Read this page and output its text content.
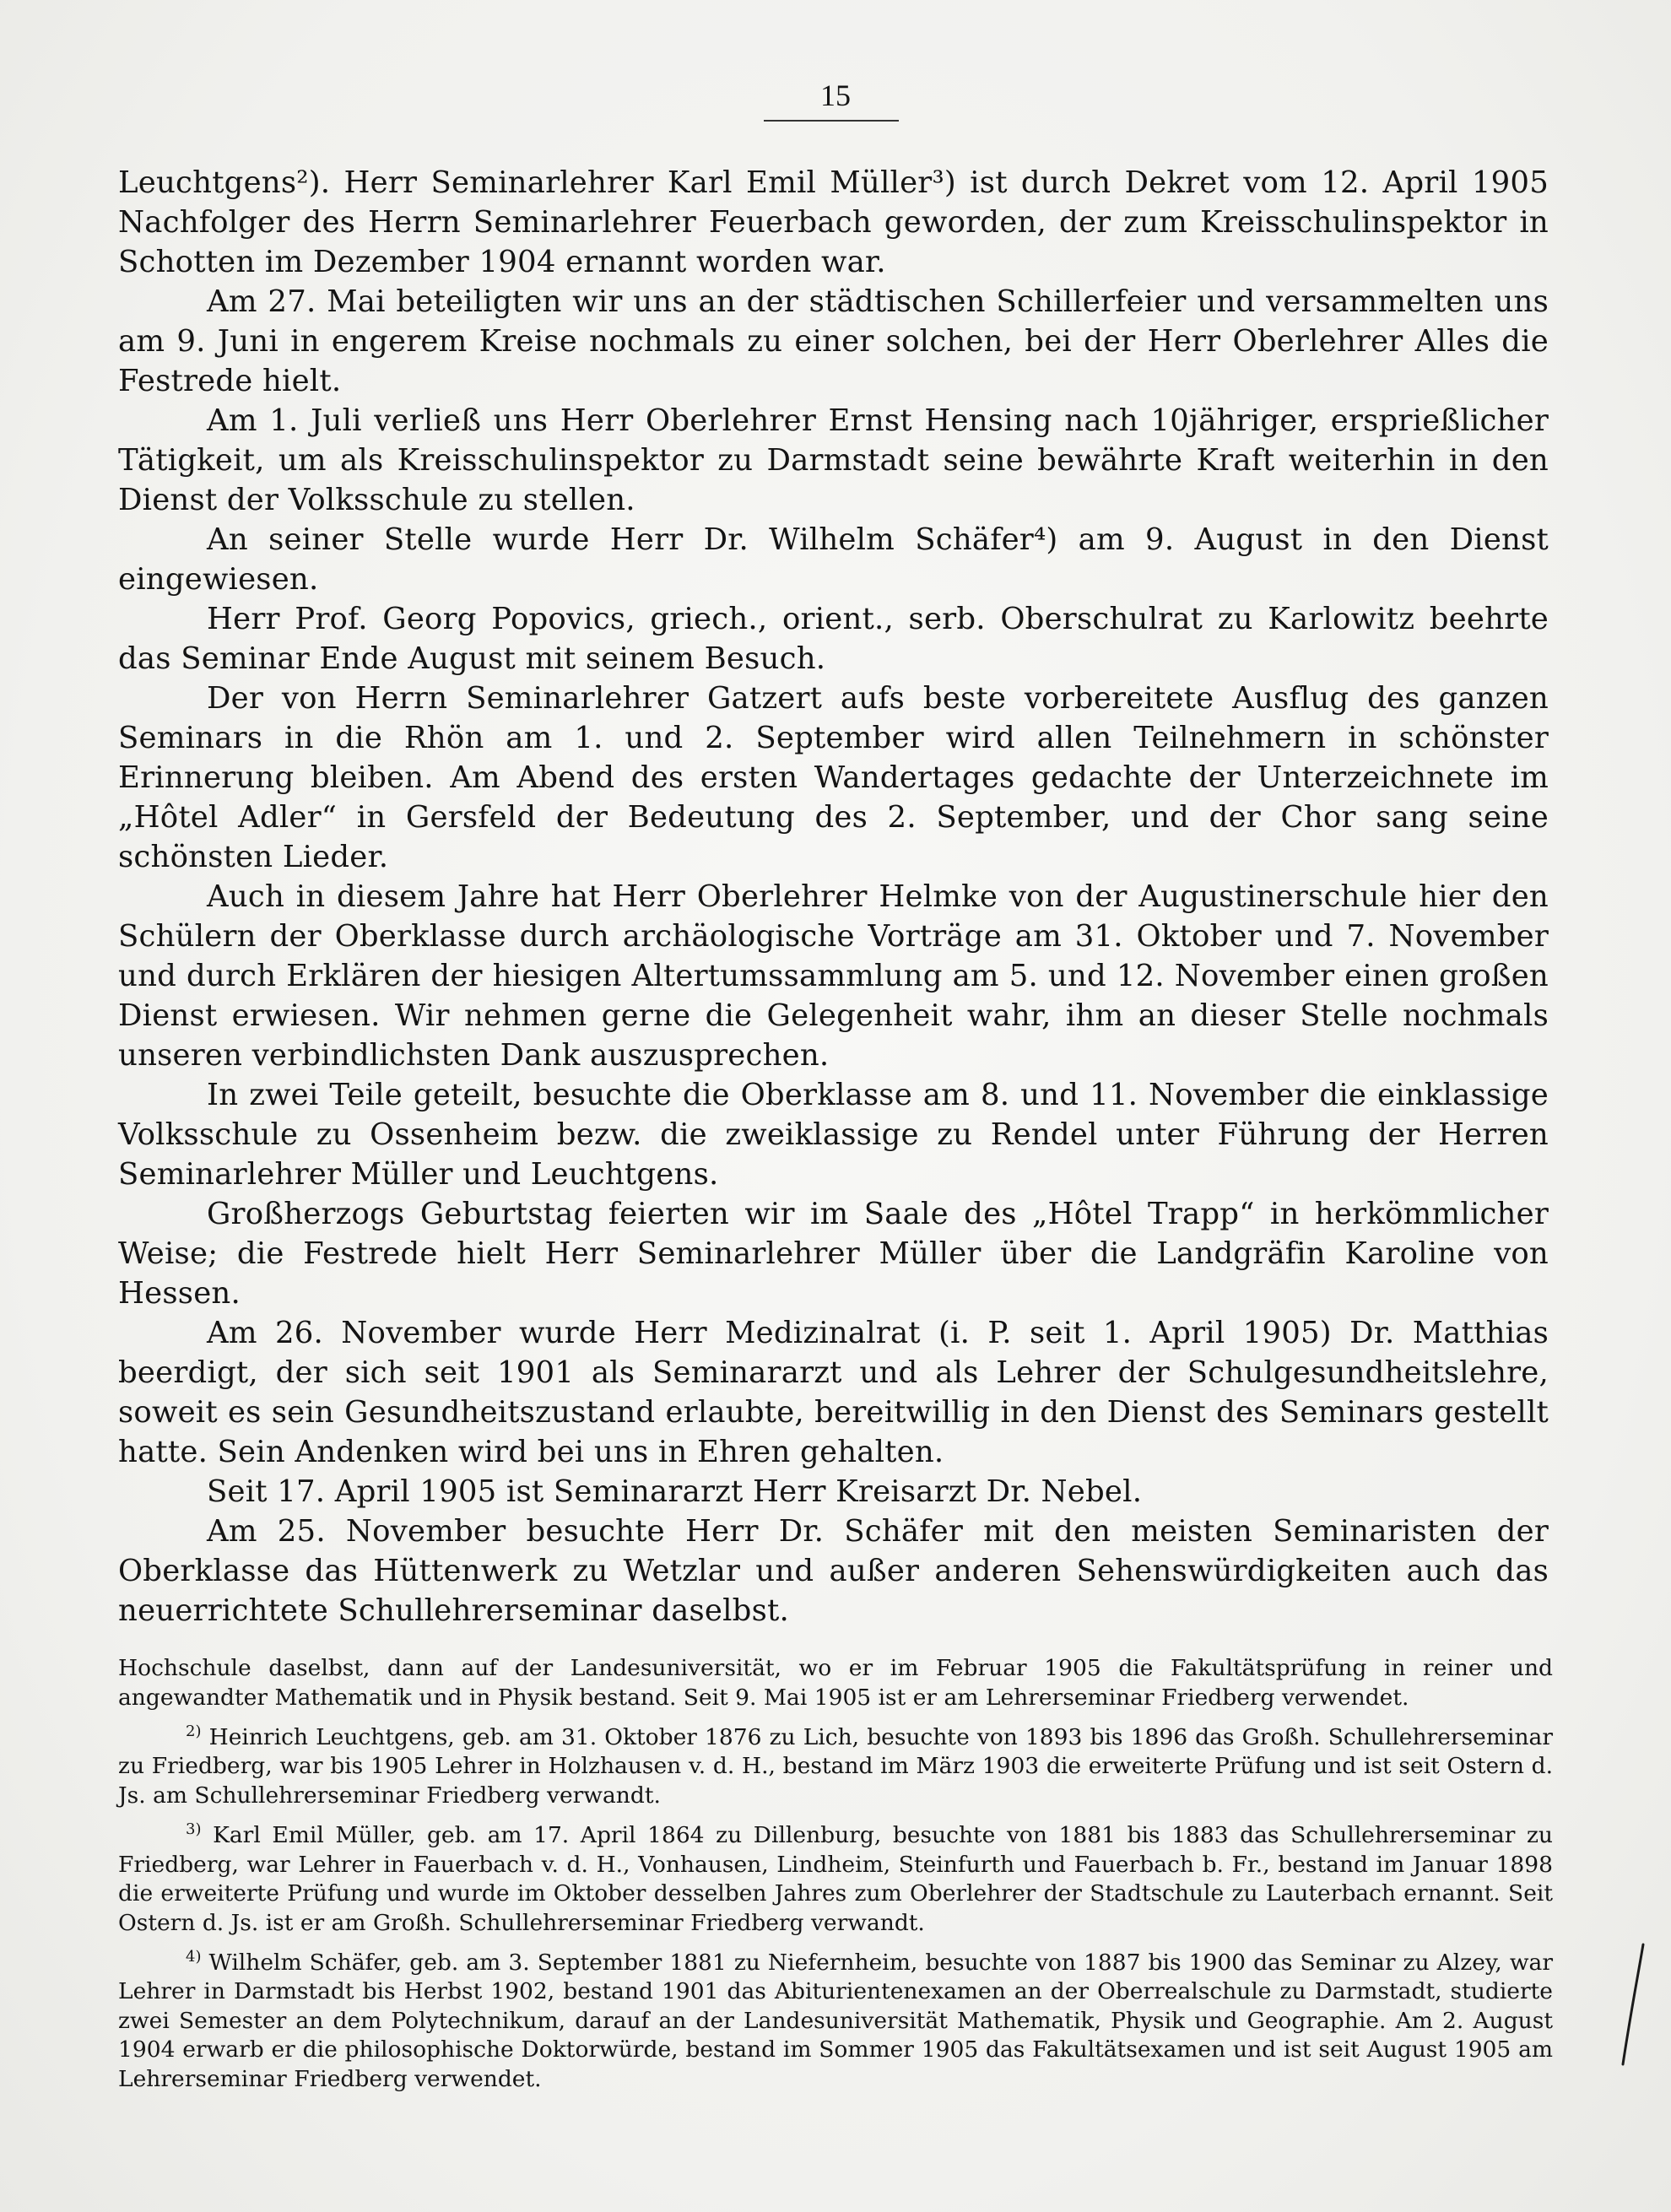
15

Leuchtgens²). Herr Seminarlehrer Karl Emil Müller³) ist durch Dekret vom 12. April 1905 Nachfolger des Herrn Seminarlehrer Feuerbach geworden, der zum Kreisschulinspektor in Schotten im Dezember 1904 ernannt worden war.

Am 27. Mai beteiligten wir uns an der städtischen Schillerfeier und versammelten uns am 9. Juni in engerem Kreise nochmals zu einer solchen, bei der Herr Oberlehrer Alles die Festrede hielt.

Am 1. Juli verließ uns Herr Oberlehrer Ernst Hensing nach 10jähriger, ersprießlicher Tätigkeit, um als Kreisschulinspektor zu Darmstadt seine bewährte Kraft weiterhin in den Dienst der Volksschule zu stellen.

An seiner Stelle wurde Herr Dr. Wilhelm Schäfer⁴) am 9. August in den Dienst eingewiesen.

Herr Prof. Georg Popovics, griech., orient., serb. Oberschulrat zu Karlowitz beehrte das Seminar Ende August mit seinem Besuch.

Der von Herrn Seminarlehrer Gatzert aufs beste vorbereitete Ausflug des ganzen Seminars in die Rhön am 1. und 2. September wird allen Teilnehmern in schönster Erinnerung bleiben. Am Abend des ersten Wandertages gedachte der Unterzeichnete im „Hôtel Adler“ in Gersfeld der Bedeutung des 2. September, und der Chor sang seine schönsten Lieder.

Auch in diesem Jahre hat Herr Oberlehrer Helmke von der Augustinerschule hier den Schülern der Oberklasse durch archäologische Vorträge am 31. Oktober und 7. November und durch Erklären der hiesigen Altertumssammlung am 5. und 12. November einen großen Dienst erwiesen. Wir nehmen gerne die Gelegenheit wahr, ihm an dieser Stelle nochmals unseren verbindlichsten Dank auszusprechen.

In zwei Teile geteilt, besuchte die Oberklasse am 8. und 11. November die einklassige Volksschule zu Ossenheim bezw. die zweiklassige zu Rendel unter Führung der Herren Seminarlehrer Müller und Leuchtgens.

Großherzogs Geburtstag feierten wir im Saale des „Hôtel Trapp“ in herkömmlicher Weise; die Festrede hielt Herr Seminarlehrer Müller über die Landgräfin Karoline von Hessen.

Am 26. November wurde Herr Medizinalrat (i. P. seit 1. April 1905) Dr. Matthias beerdigt, der sich seit 1901 als Seminararzt und als Lehrer der Schulgesundheitslehre, soweit es sein Gesundheitszustand erlaubte, bereitwillig in den Dienst des Seminars gestellt hatte. Sein Andenken wird bei uns in Ehren gehalten.

Seit 17. April 1905 ist Seminararzt Herr Kreisarzt Dr. Nebel.

Am 25. November besuchte Herr Dr. Schäfer mit den meisten Seminaristen der Oberklasse das Hüttenwerk zu Wetzlar und außer anderen Sehenswürdigkeiten auch das neuerrichtete Schullehrerseminar daselbst.

Hochschule daselbst, dann auf der Landesuniversität, wo er im Februar 1905 die Fakultätsprüfung in reiner und angewandter Mathematik und in Physik bestand. Seit 9. Mai 1905 ist er am Lehrerseminar Friedberg verwendet.

$^{2)}$ Heinrich Leuchtgens, geb. am 31. Oktober 1876 zu Lich, besuchte von 1893 bis 1896 das Großh. Schullehrerseminar zu Friedberg, war bis 1905 Lehrer in Holzhausen v. d. H., bestand im März 1903 die erweiterte Prüfung und ist seit Ostern d. Js. am Schullehrerseminar Friedberg verwandt.

$^{3)}$ Karl Emil Müller, geb. am 17. April 1864 zu Dillenburg, besuchte von 1881 bis 1883 das Schullehrerseminar zu Friedberg, war Lehrer in Fauerbach v. d. H., Vonhausen, Lindheim, Steinfurth und Fauerbach b. Fr., bestand im Januar 1898 die erweiterte Prüfung und wurde im Oktober desselben Jahres zum Oberlehrer der Stadtschule zu Lauterbach ernannt. Seit Ostern d. Js. ist er am Großh. Schullehrerseminar Friedberg verwandt.

$^{4)}$ Wilhelm Schäfer, geb. am 3. September 1881 zu Niefernheim, besuchte von 1887 bis 1900 das Seminar zu Alzey, war Lehrer in Darmstadt bis Herbst 1902, bestand 1901 das Abiturientenexamen an der Oberrealschule zu Darmstadt, studierte zwei Semester an dem Polytechnikum, darauf an der Landesuniversität Mathematik, Physik und Geographie. Am 2. August 1904 erwarb er die philosophische Doktorwürde, bestand im Sommer 1905 das Fakultätsexamen und ist seit August 1905 am Lehrerseminar Friedberg verwendet.
